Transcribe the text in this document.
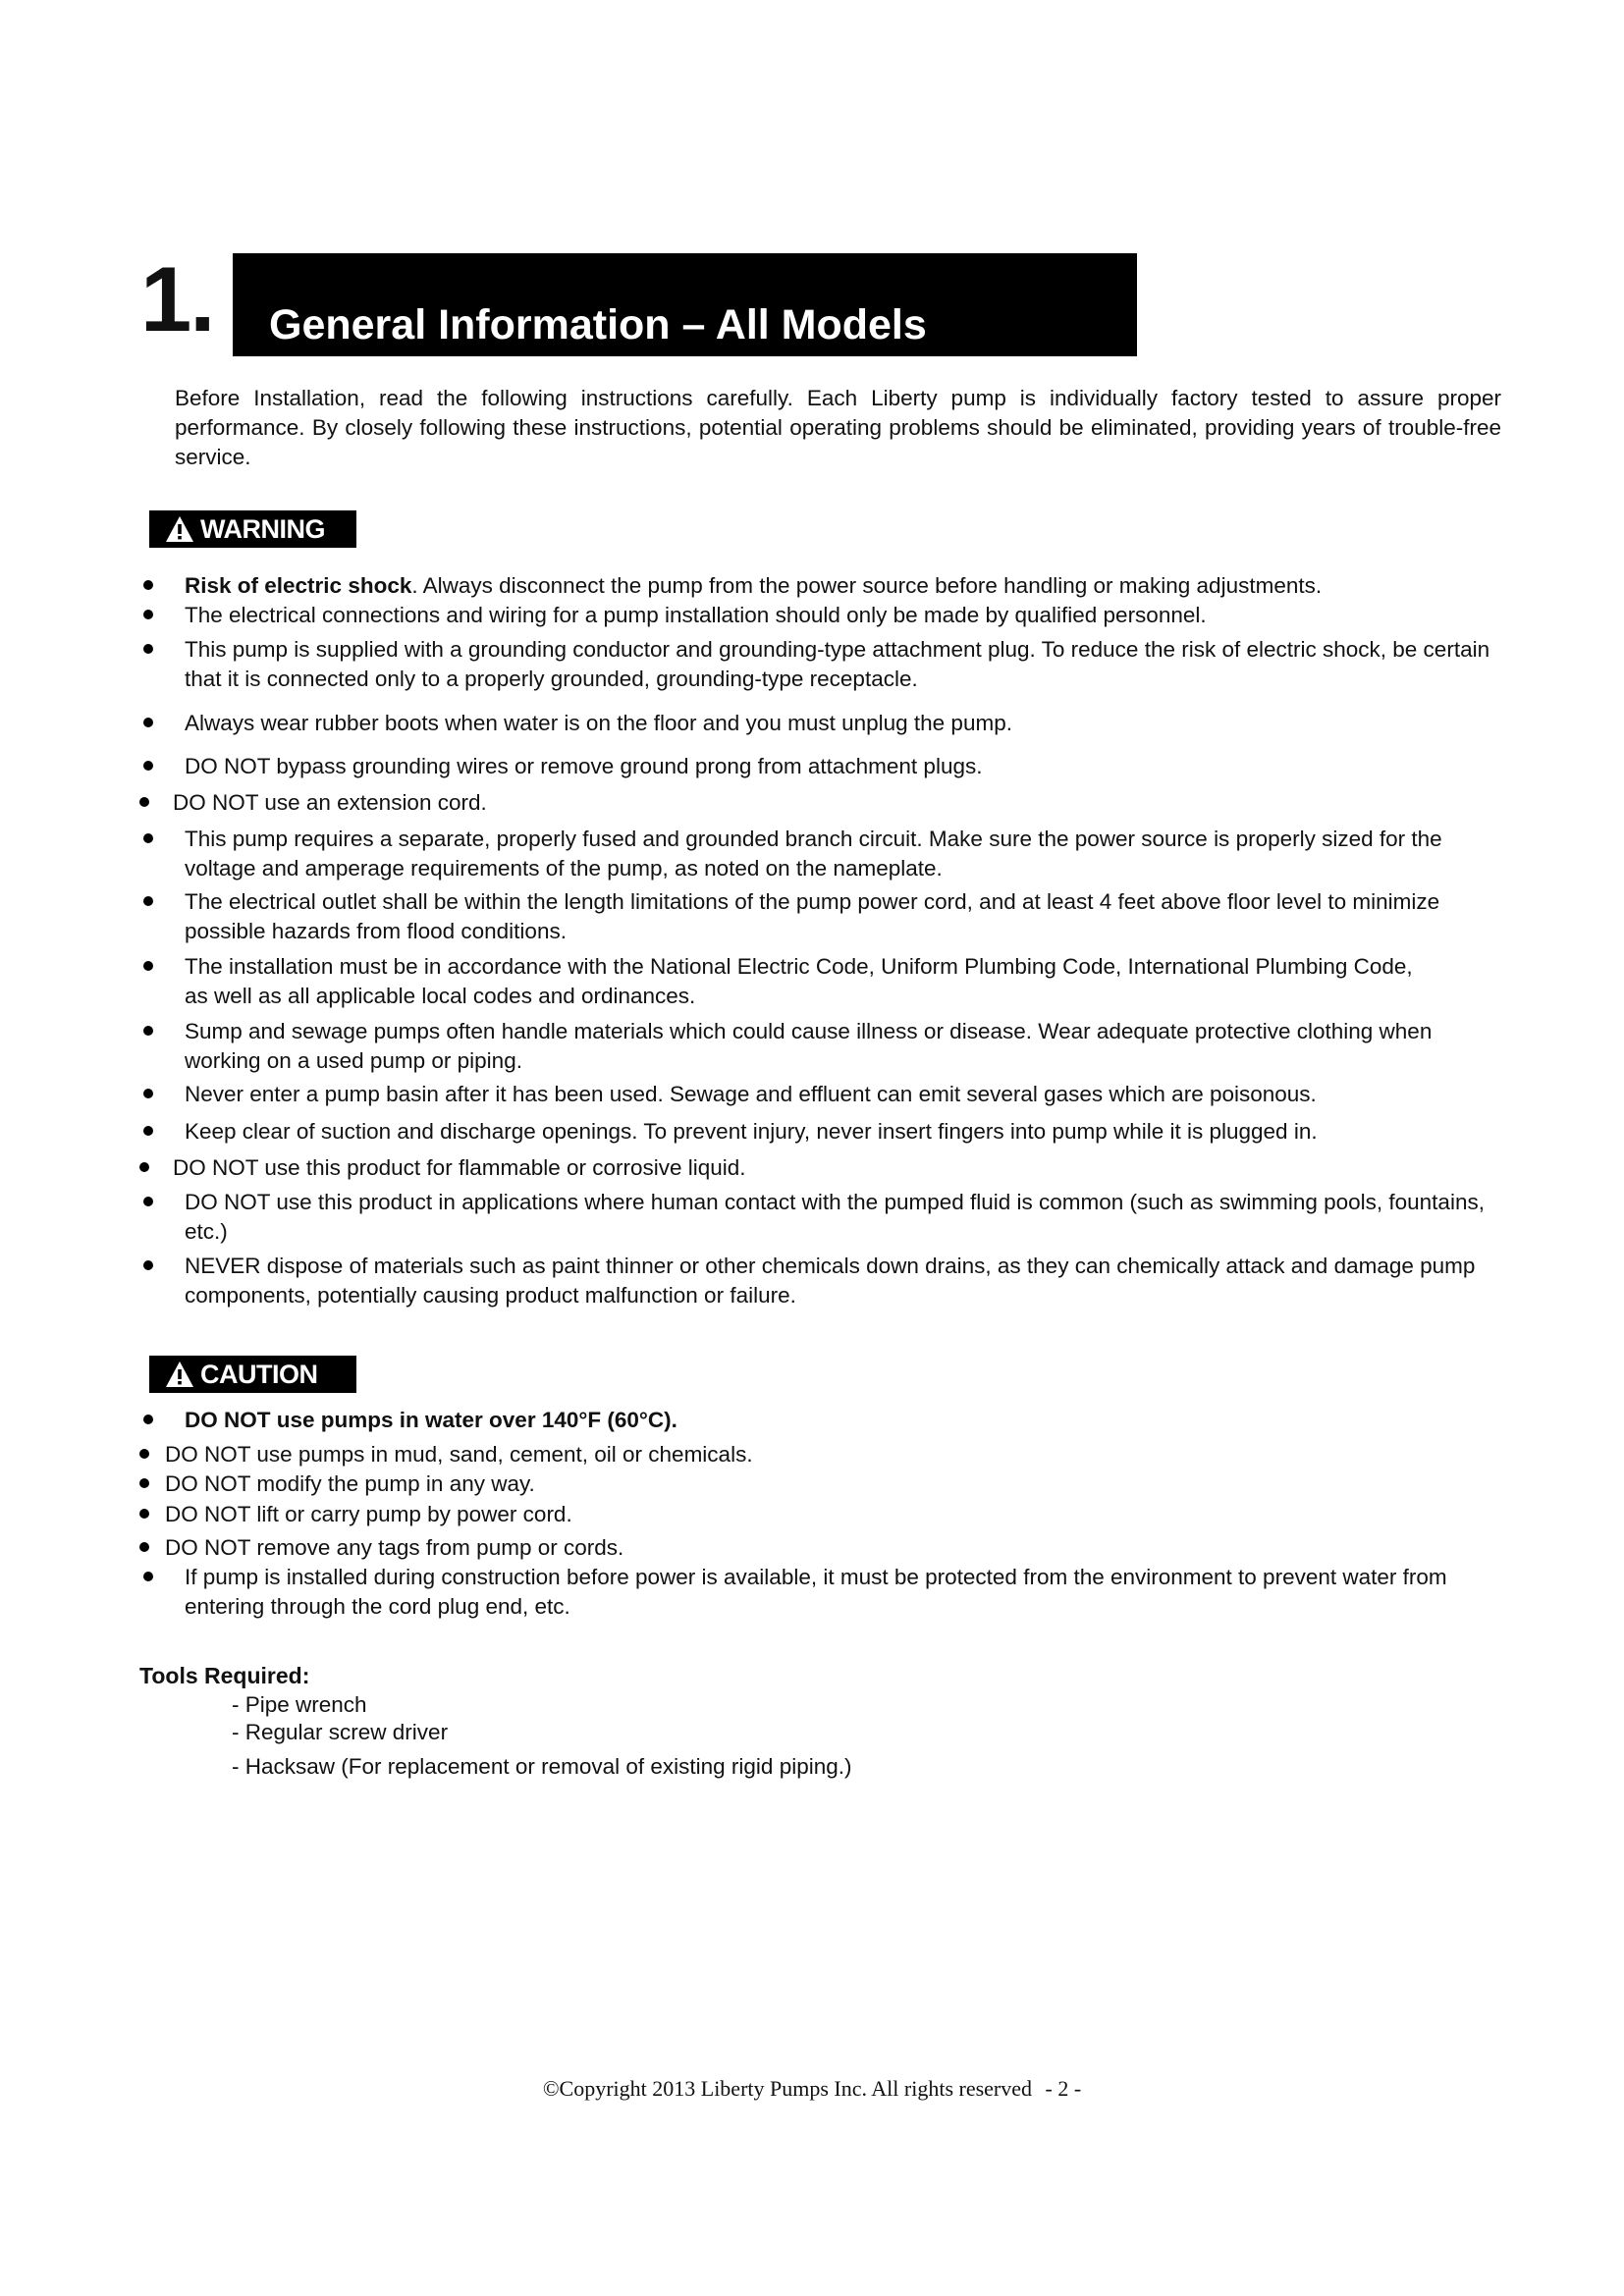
1. General Information – All Models

Before Installation, read the following instructions carefully. Each Liberty pump is individually factory tested to assure proper performance. By closely following these instructions, potential operating problems should be eliminated, providing years of trouble-free service.

WARNING
Risk of electric shock. Always disconnect the pump from the power source before handling or making adjustments.
The electrical connections and wiring for a pump installation should only be made by qualified personnel.
This pump is supplied with a grounding conductor and grounding-type attachment plug. To reduce the risk of electric shock, be certain that it is connected only to a properly grounded, grounding-type receptacle.
Always wear rubber boots when water is on the floor and you must unplug the pump.
DO NOT bypass grounding wires or remove ground prong from attachment plugs.
DO NOT use an extension cord.
This pump requires a separate, properly fused and grounded branch circuit. Make sure the power source is properly sized for the voltage and amperage requirements of the pump, as noted on the nameplate.
The electrical outlet shall be within the length limitations of the pump power cord, and at least 4 feet above floor level to minimize possible hazards from flood conditions.
The installation must be in accordance with the National Electric Code, Uniform Plumbing Code, International Plumbing Code, as well as all applicable local codes and ordinances.
Sump and sewage pumps often handle materials which could cause illness or disease. Wear adequate protective clothing when working on a used pump or piping.
Never enter a pump basin after it has been used. Sewage and effluent can emit several gases which are poisonous.
Keep clear of suction and discharge openings. To prevent injury, never insert fingers into pump while it is plugged in.
DO NOT use this product for flammable or corrosive liquid.
DO NOT use this product in applications where human contact with the pumped fluid is common (such as swimming pools, fountains, etc.)
NEVER dispose of materials such as paint thinner or other chemicals down drains, as they can chemically attack and damage pump components, potentially causing product malfunction or failure.
CAUTION
DO NOT use pumps in water over 140°F (60°C).
DO NOT use pumps in mud, sand, cement, oil or chemicals.
DO NOT modify the pump in any way.
DO NOT lift or carry pump by power cord.
DO NOT remove any tags from pump or cords.
If pump is installed during construction before power is available, it must be protected from the environment to prevent water from entering through the cord plug end, etc.
Tools Required:
- Pipe wrench
- Regular screw driver
- Hacksaw (For replacement or removal of existing rigid piping.)
©Copyright 2013 Liberty Pumps Inc. All rights reserved - 2 -
